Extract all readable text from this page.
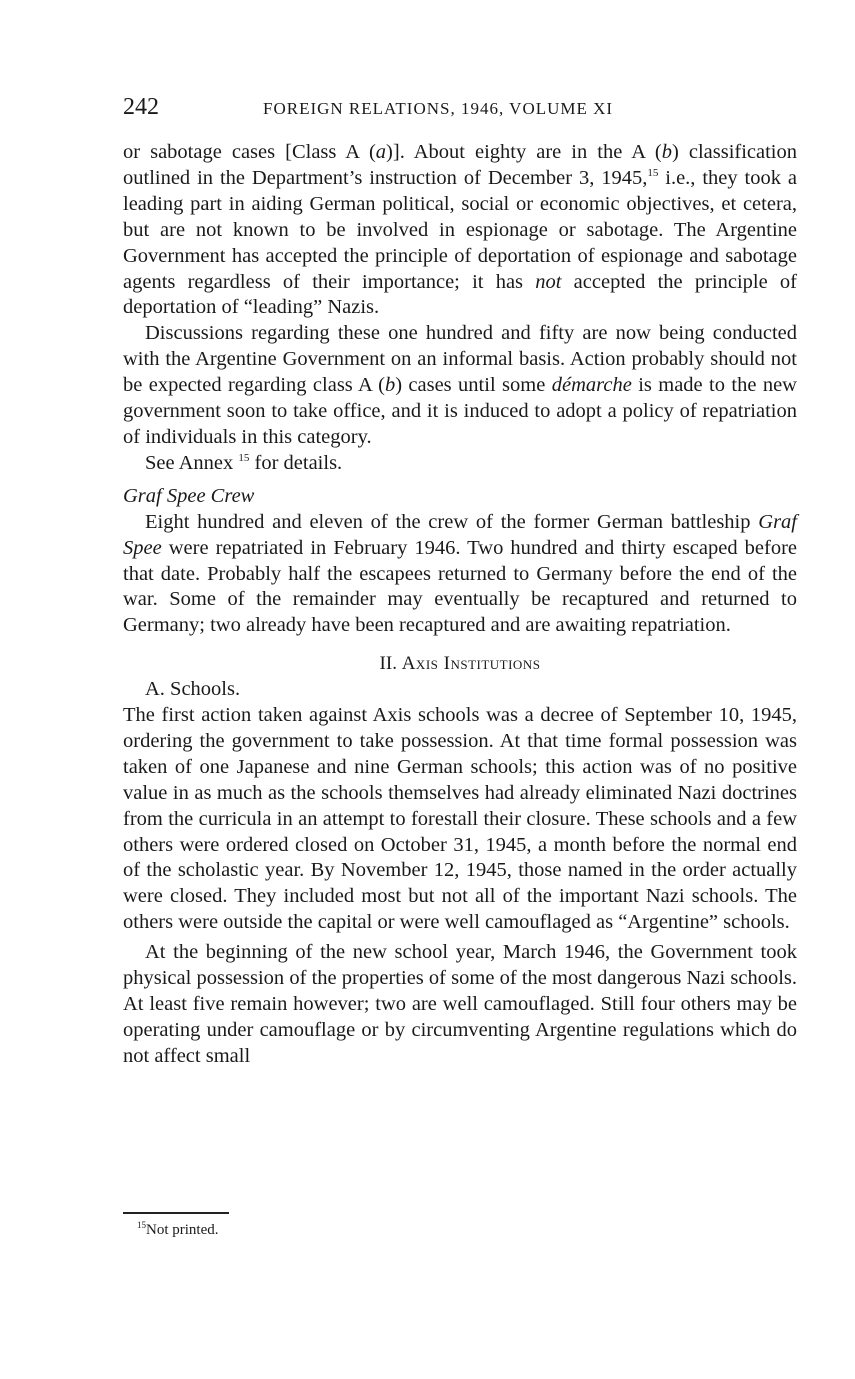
242	FOREIGN RELATIONS, 1946, VOLUME XI

or sabotage cases [Class A (a)]. About eighty are in the A (b) classification outlined in the Department’s instruction of December 3, 1945,15 i.e., they took a leading part in aiding German political, social or economic objectives, et cetera, but are not known to be involved in espionage or sabotage. The Argentine Government has accepted the principle of deportation of espionage and sabotage agents regardless of their importance; it has not accepted the principle of deportation of “leading” Nazis.

Discussions regarding these one hundred and fifty are now being conducted with the Argentine Government on an informal basis. Action probably should not be expected regarding class A (b) cases until some démarche is made to the new government soon to take office, and it is induced to adopt a policy of repatriation of individuals in this category.

See Annex $^{15}$ for details.

Graf Spee Crew

Eight hundred and eleven of the crew of the former German battleship Graf Spee were repatriated in February 1946. Two hundred and thirty escaped before that date. Probably half the escapees returned to Germany before the end of the war. Some of the remainder may eventually be recaptured and returned to Germany; two already have been recaptured and are awaiting repatriation.

II. Axis Institutions

A. Schools.

The first action taken against Axis schools was a decree of September 10, 1945, ordering the government to take possession. At that time formal possession was taken of one Japanese and nine German schools; this action was of no positive value in as much as the schools themselves had already eliminated Nazi doctrines from the curricula in an attempt to forestall their closure. These schools and a few others were ordered closed on October 31, 1945, a month before the normal end of the scholastic year. By November 12, 1945, those named in the order actually were closed. They included most but not all of the important Nazi schools. The others were outside the capital or were well camouflaged as “Argentine” schools.

At the beginning of the new school year, March 1946, the Government took physical possession of the properties of some of the most dangerous Nazi schools. At least five remain however; two are well camouflaged. Still four others may be operating under camouflage or by circumventing Argentine regulations which do not affect small

$^{15}$Not printed.
